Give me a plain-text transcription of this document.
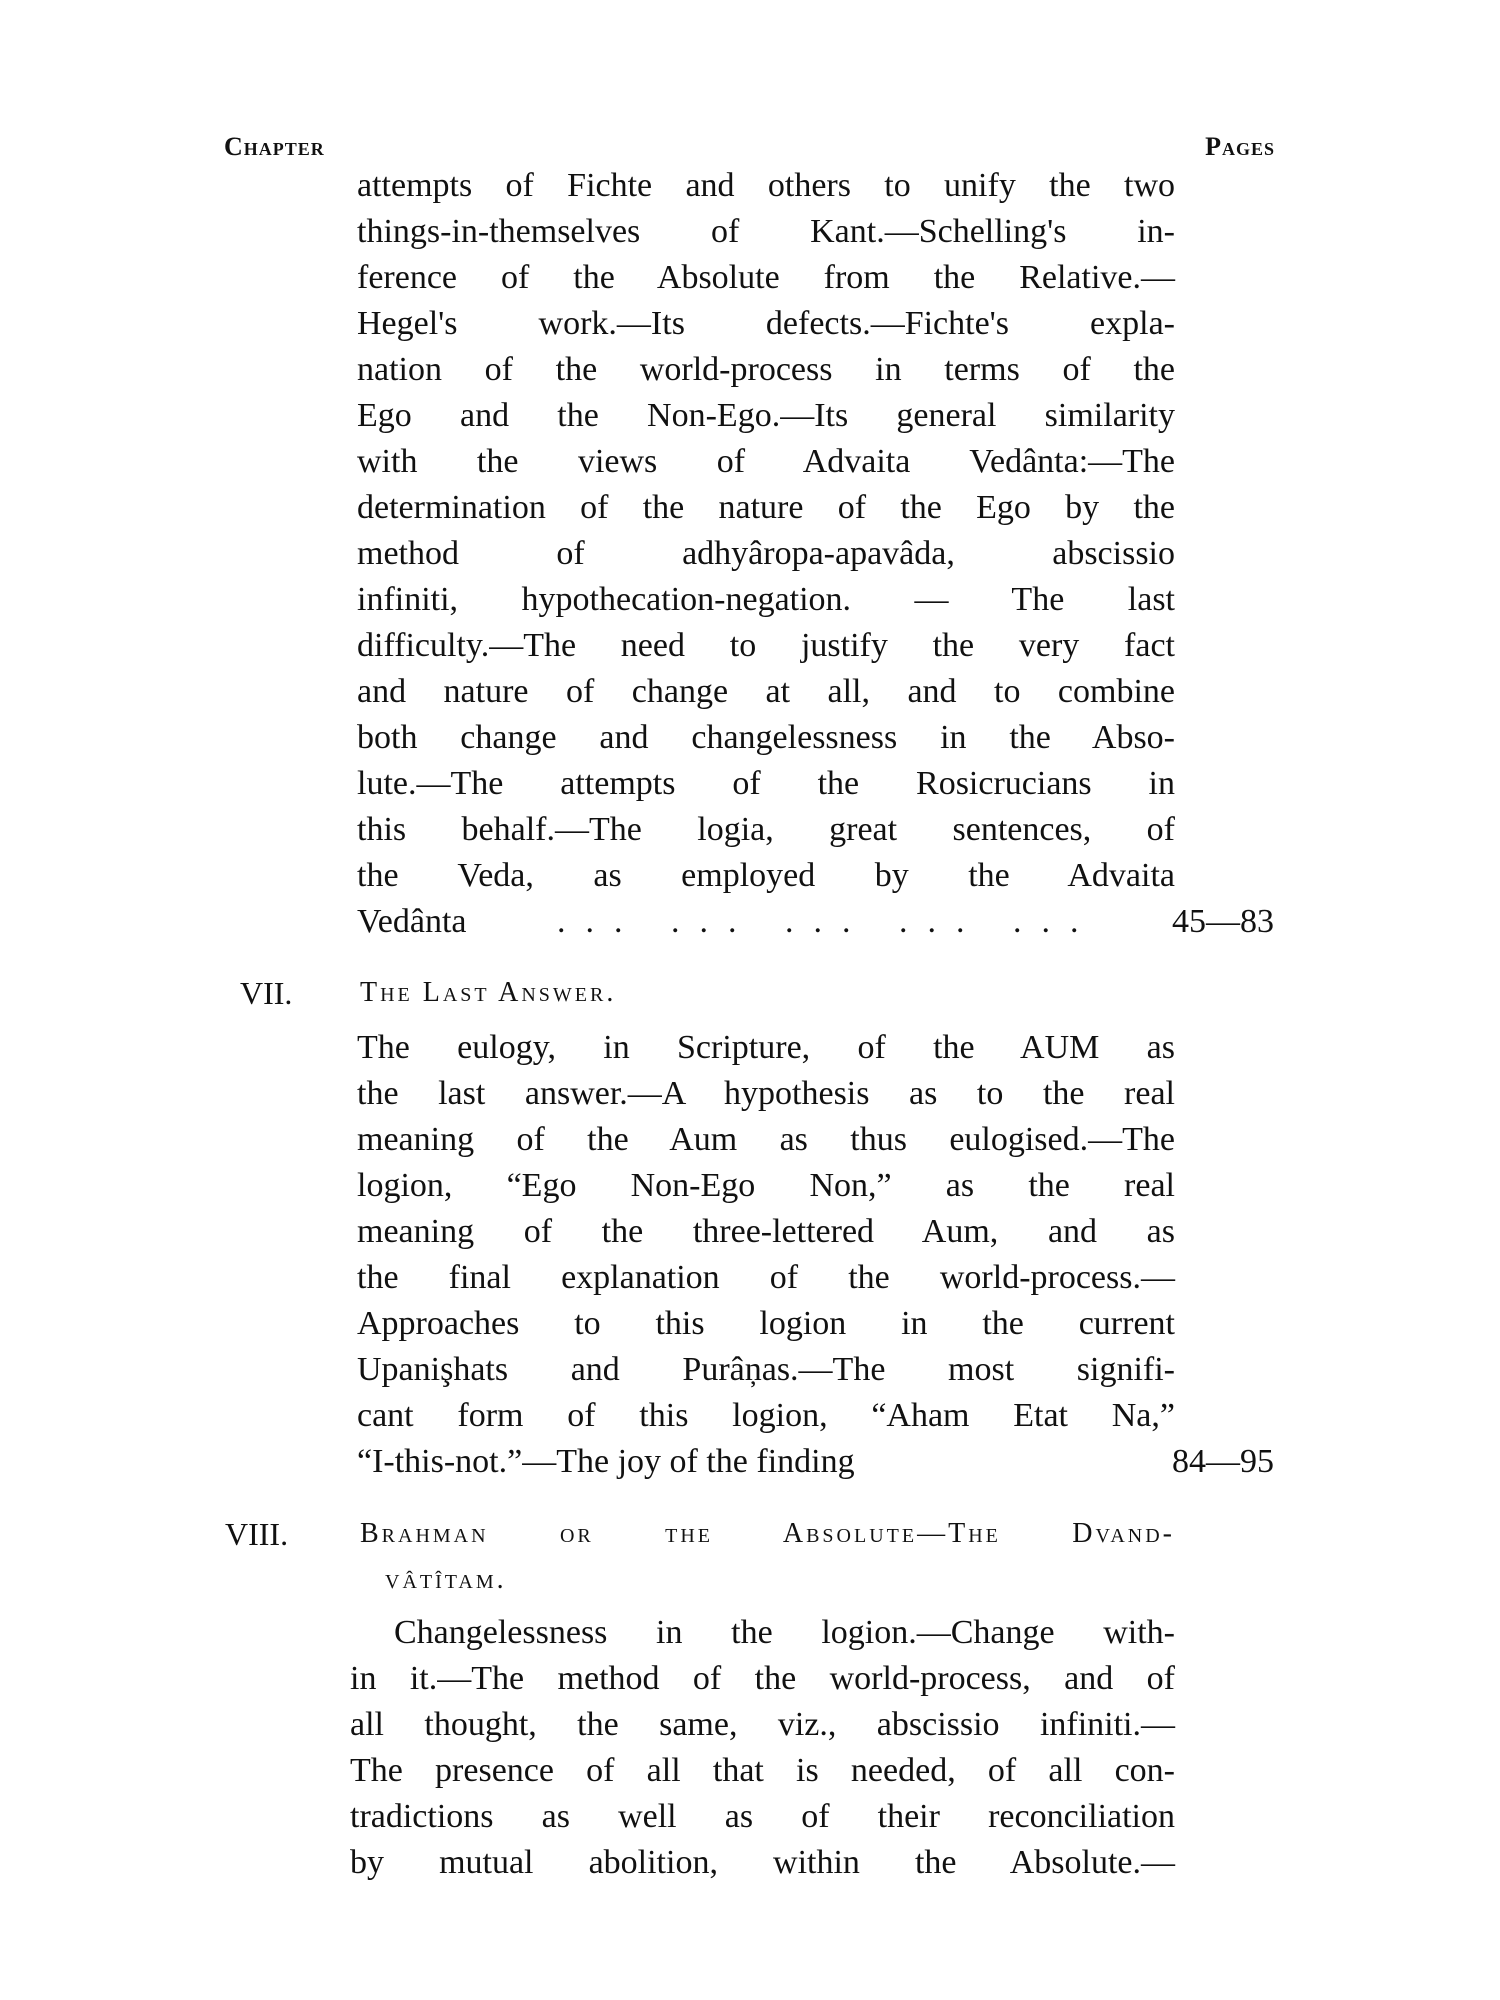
Chapter	Pages
attempts of Fichte and others to unify the two
things-in-themselves of Kant.—Schelling's in-
ference of the Absolute from the Relative.—
Hegel's work.—Its defects.—Fichte's expla-
nation of the world-process in terms of the
Ego and the Non-Ego.—Its general similarity
with the views of Advaita Vedânta:—The
determination of the nature of the Ego by the
method of adhyâropa-apavâda, abscissio
infiniti, hypothecation-negation. — The last
difficulty.—The need to justify the very fact
and nature of change at all, and to combine
both change and changelessness in the Abso-
lute.—The attempts of the Rosicrucians in
this behalf.—The logia, great sentences, of
the Veda, as employed by the Advaita
Vedânta	... ... ... ... ...	45—83
VII. The Last Answer.
The eulogy, in Scripture, of the AUM as
the last answer.—A hypothesis as to the real
meaning of the Aum as thus eulogised.—The
logion, “Ego Non-Ego Non,” as the real
meaning of the three-lettered Aum, and as
the final explanation of the world-process.—
Approaches to this logion in the current
Upanişhats and Purâņas.—The most signifi-
cant form of this logion, “Aham Etat Na,”
“I-this-not.”—The joy of the finding	84—95
VIII.	Brahman or the Absolute—The Dvand-
vâtîtam.
Changelessness in the logion.—Change with-
in it.—The method of the world-process, and of
all thought, the same, viz., abscissio infiniti.—
The presence of all that is needed, of all con-
tradictions as well as of their reconciliation
by mutual abolition, within the Absolute.—
